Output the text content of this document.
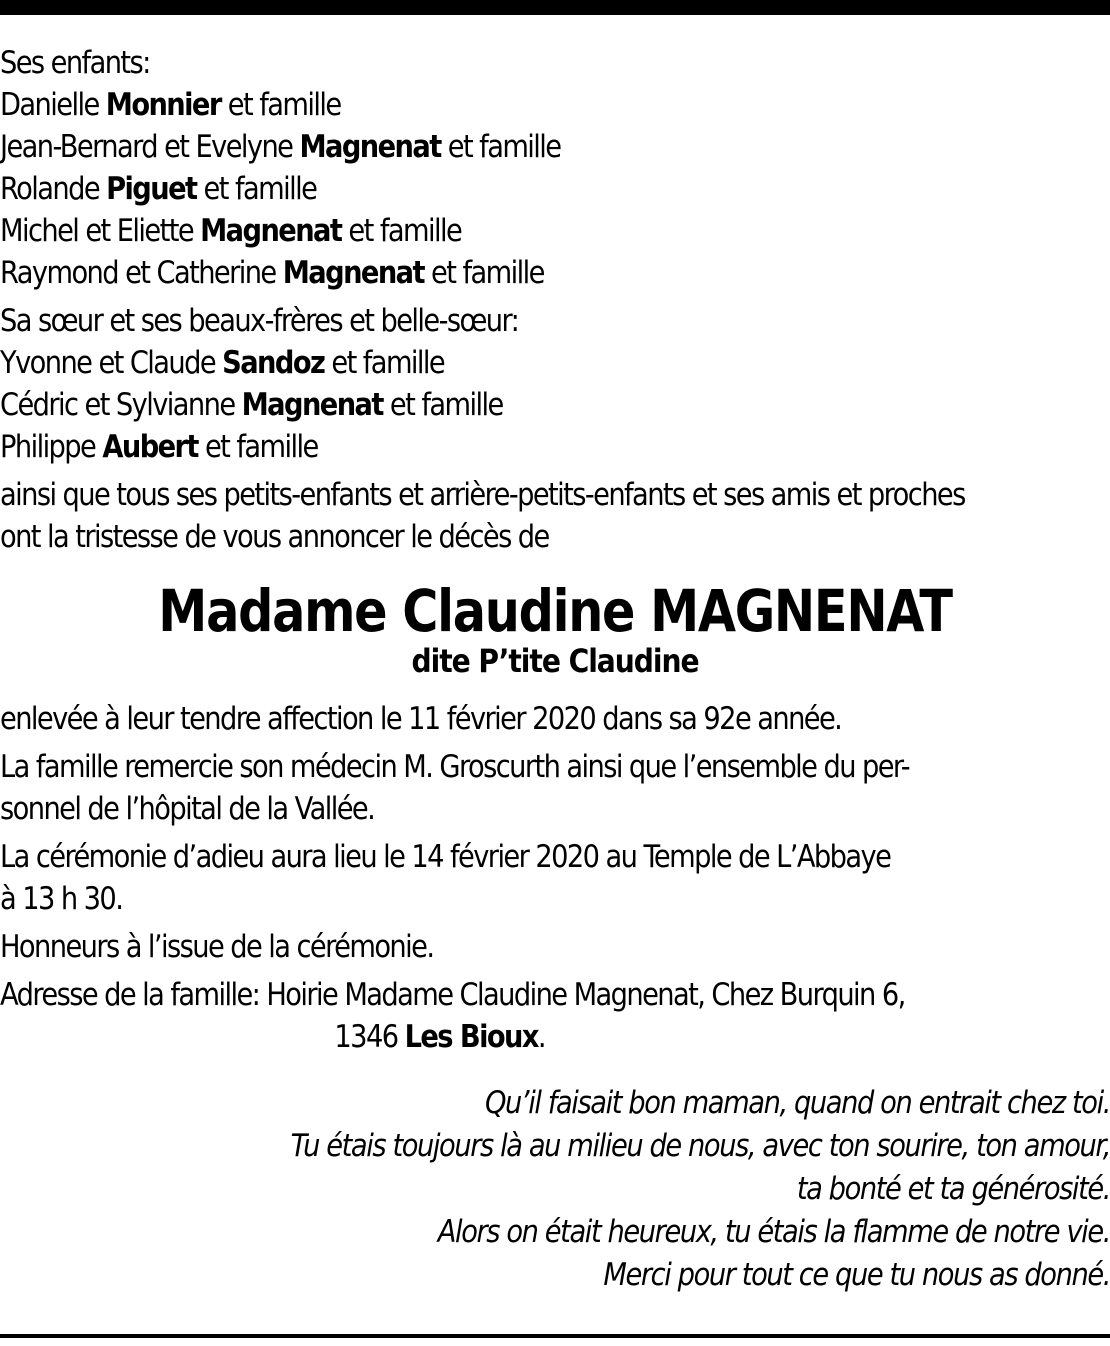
Ses enfants:
Danielle Monnier et famille
Jean-Bernard et Evelyne Magnenat et famille
Rolande Piguet et famille
Michel et Eliette Magnenat et famille
Raymond et Catherine Magnenat et famille
Sa sœur et ses beaux-frères et belle-sœur:
Yvonne et Claude Sandoz et famille
Cédric et Sylvianne Magnenat et famille
Philippe Aubert et famille
ainsi que tous ses petits-enfants et arrière-petits-enfants et ses amis et proches
ont la tristesse de vous annoncer le décès de
Madame Claudine MAGNENAT
dite P’tite Claudine
enlevée à leur tendre affection le 11 février 2020 dans sa 92e année.
La famille remercie son médecin M. Groscurth ainsi que l’ensemble du per-
sonnel de l’hôpital de la Vallée.
La cérémonie d’adieu aura lieu le 14 février 2020 au Temple de L’Abbaye
à 13 h 30.
Honneurs à l’issue de la cérémonie.
Adresse de la famille: Hoirie Madame Claudine Magnenat, Chez Burquin 6,
1346 Les Bioux.
Qu’il faisait bon maman, quand on entrait chez toi.
Tu étais toujours là au milieu de nous, avec ton sourire, ton amour,
ta bonté et ta générosité.
Alors on était heureux, tu étais la flamme de notre vie.
Merci pour tout ce que tu nous as donné.
